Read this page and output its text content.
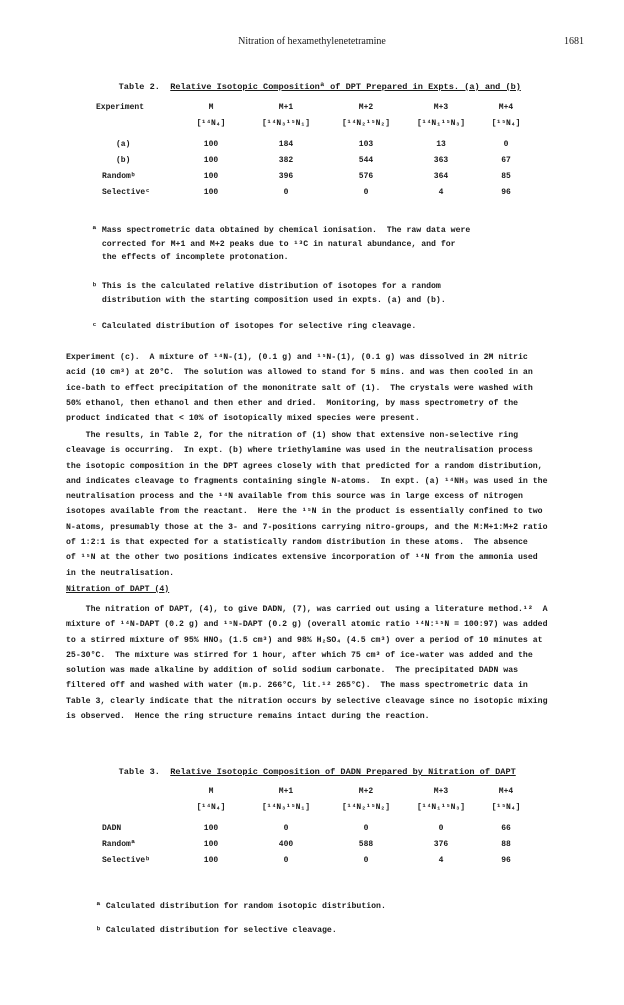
Nitration of hexamethylenetetramine	1681

Table 2. Relative Isotopic Compositionª of DPT Prepared in Expts. (a) and (b)

Experiment	M	M+1	M+2	M+3	M+4
	[¹⁴N₄]	[¹⁴N₃¹⁵N₁]	[¹⁴N₂¹⁵N₂]	[¹⁴N₁¹⁵N₃]	[¹⁵N₄]
(a)	100	184	103	13	0
(b)	100	382	544	363	67
Randomᵇ	100	396	576	364	85
Selectiveᶜ	100	0	0	4	96
ª Mass spectrometric data obtained by chemical ionisation.  The raw data were
corrected for M+1 and M+2 peaks due to ¹³C in natural abundance, and for
the effects of incomplete protonation.
ᵇ This is the calculated relative distribution of isotopes for a random
distribution with the starting composition used in expts. (a) and (b).
ᶜ Calculated distribution of isotopes for selective ring cleavage.
Experiment (c).  A mixture of ¹⁴N-(1), (0.1 g) and ¹⁵N-(1), (0.1 g) was dissolved in 2M nitric
acid (10 cm³) at 20°C.  The solution was allowed to stand for 5 mins. and was then cooled in an
ice-bath to effect precipitation of the mononitrate salt of (1).  The crystals were washed with
50% ethanol, then ethanol and then ether and dried.  Monitoring, by mass spectrometry of the
product indicated that < 10% of isotopically mixed species were present.
The results, in Table 2, for the nitration of (1) show that extensive non-selective ring
cleavage is occurring.  In expt. (b) where triethylamine was used in the neutralisation process
the isotopic composition in the DPT agrees closely with that predicted for a random distribution,
and indicates cleavage to fragments containing single N-atoms.  In expt. (a) ¹⁴NH₃ was used in the
neutralisation process and the ¹⁴N available from this source was in large excess of nitrogen
isotopes available from the reactant.  Here the ¹⁵N in the product is essentially confined to two
N-atoms, presumably those at the 3- and 7-positions carrying nitro-groups, and the M:M+1:M+2 ratio
of 1:2:1 is that expected for a statistically random distribution in these atoms.  The absence
of ¹⁵N at the other two positions indicates extensive incorporation of ¹⁴N from the ammonia used
in the neutralisation.
Nitration of DAPT (4)
The nitration of DAPT, (4), to give DADN, (7), was carried out using a literature method.¹²  A
mixture of ¹⁴N-DAPT (0.2 g) and ¹⁵N-DAPT (0.2 g) (overall atomic ratio ¹⁴N:¹⁵N = 100:97) was added
to a stirred mixture of 95% HNO₃ (1.5 cm³) and 98% H₂SO₄ (4.5 cm³) over a period of 10 minutes at
25-30°C.  The mixture was stirred for 1 hour, after which 75 cm³ of ice-water was added and the
solution was made alkaline by addition of solid sodium carbonate.  The precipitated DADN was
filtered off and washed with water (m.p. 266°C, lit.¹² 265°C).  The mass spectrometric data in
Table 3, clearly indicate that the nitration occurs by selective cleavage since no isotopic mixing
is observed.  Hence the ring structure remains intact during the reaction.

Table 3. Relative Isotopic Composition of DADN Prepared by Nitration of DAPT

	M	M+1	M+2	M+3	M+4
	[¹⁴N₄]	[¹⁴N₃¹⁵N₁]	[¹⁴N₂¹⁵N₂]	[¹⁴N₁¹⁵N₃]	[¹⁵N₄]
DADN	100	0	0	0	66
Randomª	100	400	588	376	88
Selectiveᵇ	100	0	0	4	96
ª Calculated distribution for random isotopic distribution.
ᵇ Calculated distribution for selective cleavage.
